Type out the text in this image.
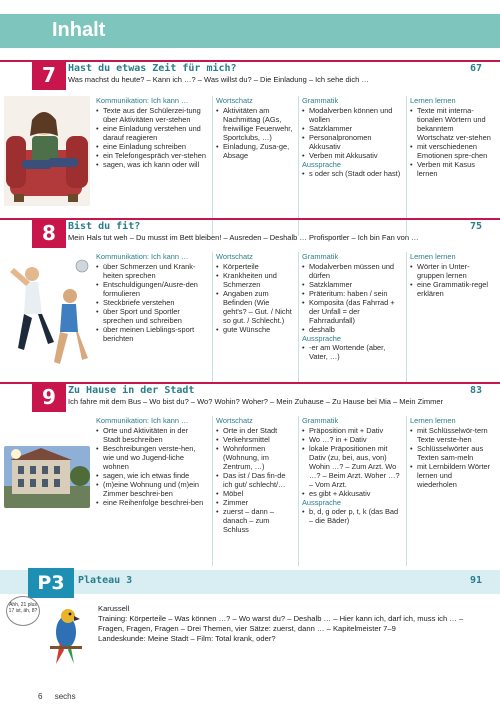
Inhalt
7	Hast du etwas Zeit für mich?	67
Was machst du heute? – Kann ich …? – Was willst du? – Die Einladung – Ich sehe dich …
Kommunikation: Ich kann …
• Texte aus der Schülerzei-tung über Aktivitäten ver-stehen
• eine Einladung verstehen und darauf reagieren
• eine Einladung schreiben
• ein Telefongespräch ver-stehen
• sagen, was ich kann oder will
Wortschatz
• Aktivitäten am Nachmittag (AGs, freiwillige Feuerwehr, Sportclubs, …)
• Einladung, Zusa-ge, Absage
Grammatik
• Modalverben können und wollen
• Satzklammer
• Personalpronomen Akkusativ
• Verben mit Akkusativ
Aussprache
• s oder sch (Stadt oder hast)
Lernen lernen
• Texte mit interna-tionalen Wörtern und bekanntem Wortschatz ver-stehen
• mit verschiedenen Emotionen spre-chen
• Verben mit Kasus lernen
8	Bist du fit?	75
Mein Hals tut weh – Du musst im Bett bleiben! – Ausreden – Deshalb … Profisportler – Ich bin Fan von …
Kommunikation: Ich kann …
• über Schmerzen und Krank-heiten sprechen
• Entschuldigungen/Ausre-den formulieren
• Steckbriefe verstehen
• über Sport und Sportler sprechen und schreiben
• über meinen Lieblings-sport berichten
Wortschatz
• Körperteile
• Krankheiten und Schmerzen
• Angaben zum Befinden (Wie geht's? – Gut. / Nicht so gut. / Schlecht.)
• gute Wünsche
Grammatik
• Modalverben müssen und dürfen
• Satzklammer
• Präteritum: haben / sein
• Komposita (das Fahrrad + der Unfall = der Fahrradunfall)
• deshalb
Aussprache
• -er am Wortende (aber, Vater, …)
Lernen lernen
• Wörter in Unter-gruppen lernen
• eine Grammatik-regel erklären
9	Zu Hause in der Stadt	83
Ich fahre mit dem Bus – Wo bist du? – Wo? Wohin? Woher? – Mein Zuhause – Zu Hause bei Mia – Mein Zimmer
Kommunikation: Ich kann …
• Orte und Aktivitäten in der Stadt beschreiben
• Beschreibungen verste-hen, wie und wo Jugend-liche wohnen
• sagen, wie ich etwas finde
• (m)eine Wohnung und (m)ein Zimmer beschrei-ben
• eine Reihenfolge beschrei-ben
Wortschatz
• Orte in der Stadt
• Verkehrsmittel
• Wohnformen (Wohnung, im Zentrum, …)
• Das ist / Das fin-de ich gut/ schlecht/…
• Möbel
• Zimmer
• zuerst – dann – danach – zum Schluss
Grammatik
• Präposition mit + Dativ
• Wo …? in + Dativ
• lokale Präpositionen mit Dativ (zu, bei, aus, von) Wohin …? – Zum Arzt. Wo …? – Beim Arzt. Woher …? – Vom Arzt.
• es gibt + Akkusativ
Aussprache
• b, d, g oder p, t, k (das Bad – die Bäder)
Lernen lernen
• mit Schlüsselwör-tern Texte verste-hen
• Schlüsselwörter aus Texten sam-meln
• mit Lernbildern Wörter lernen und wiederholen
P3	Plateau 3	91
Ahh, 21 plus 17 ist, äh, 8?	Karussell
Training: Körperteile – Was können …? – Wo warst du? – Deshalb … – Hier kann ich, darf ich, muss ich … – Fragen, Fragen, Fragen – Drei Themen, vier Sätze: zuerst, dann … – Kapitelmeister 7–9
Landeskunde: Meine Stadt – Film: Total krank, oder?
6 sechs
